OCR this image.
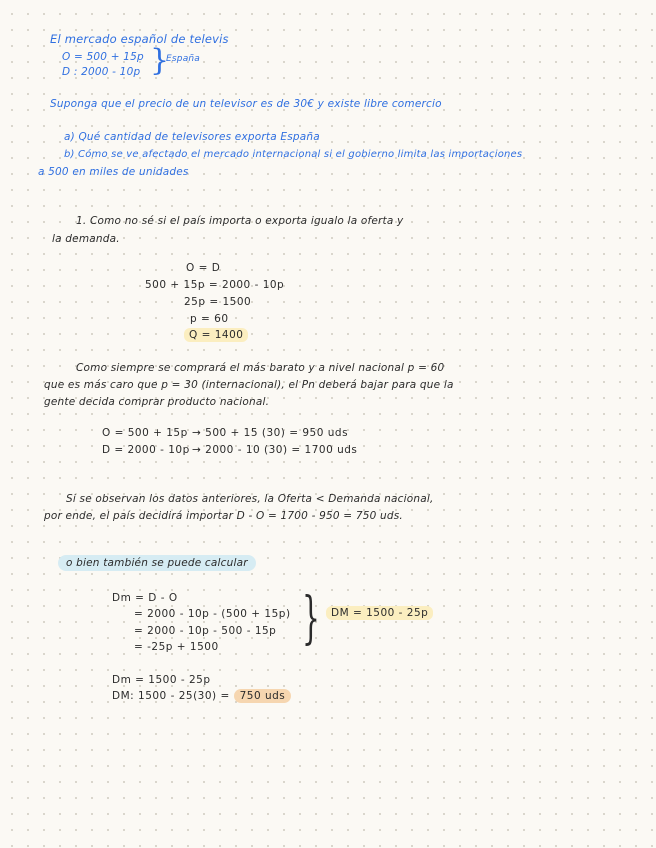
El mercado español de televis
O = 500 + 15p
D : 2000 - 10p }
España
Suponga que el precio de un televisor es de 30€ y existe libre comercio
a) Qué cantidad de televisores exporta España
b) Cómo se ve afectado el mercado internacional si el gobierno limita las importaciones
a 500 en miles de unidades
1. Como no sé si el país importa o exporta igualo la oferta y
la demanda.
O = D
500 + 15p = 2000 - 10p
25p = 1500
p = 60
Q = 1400
Como siempre se comprará el más barato y a nivel nacional p = 60
que es más caro que p = 30 (internacional), el Pn deberá bajar para que la
gente decida comprar producto nacional.
O = 500 + 15p → 500 + 15 (30) = 950 uds
D = 2000 - 10p → 2000 - 10 (30) = 1700 uds
Si se observan los datos anteriores, la Oferta < Demanda nacional,
por ende, el país decidirá importar D - O = 1700 - 950 = 750 uds.
o bien también se puede calcular
Dm = D - O
= 2000 - 10p - (500 + 15p)
= 2000 - 10p - 500 - 15p
= -25p + 1500 }	DM = 1500 - 25p
Dm = 1500 - 25p
DM: 1500 - 25(30) = 750 uds
